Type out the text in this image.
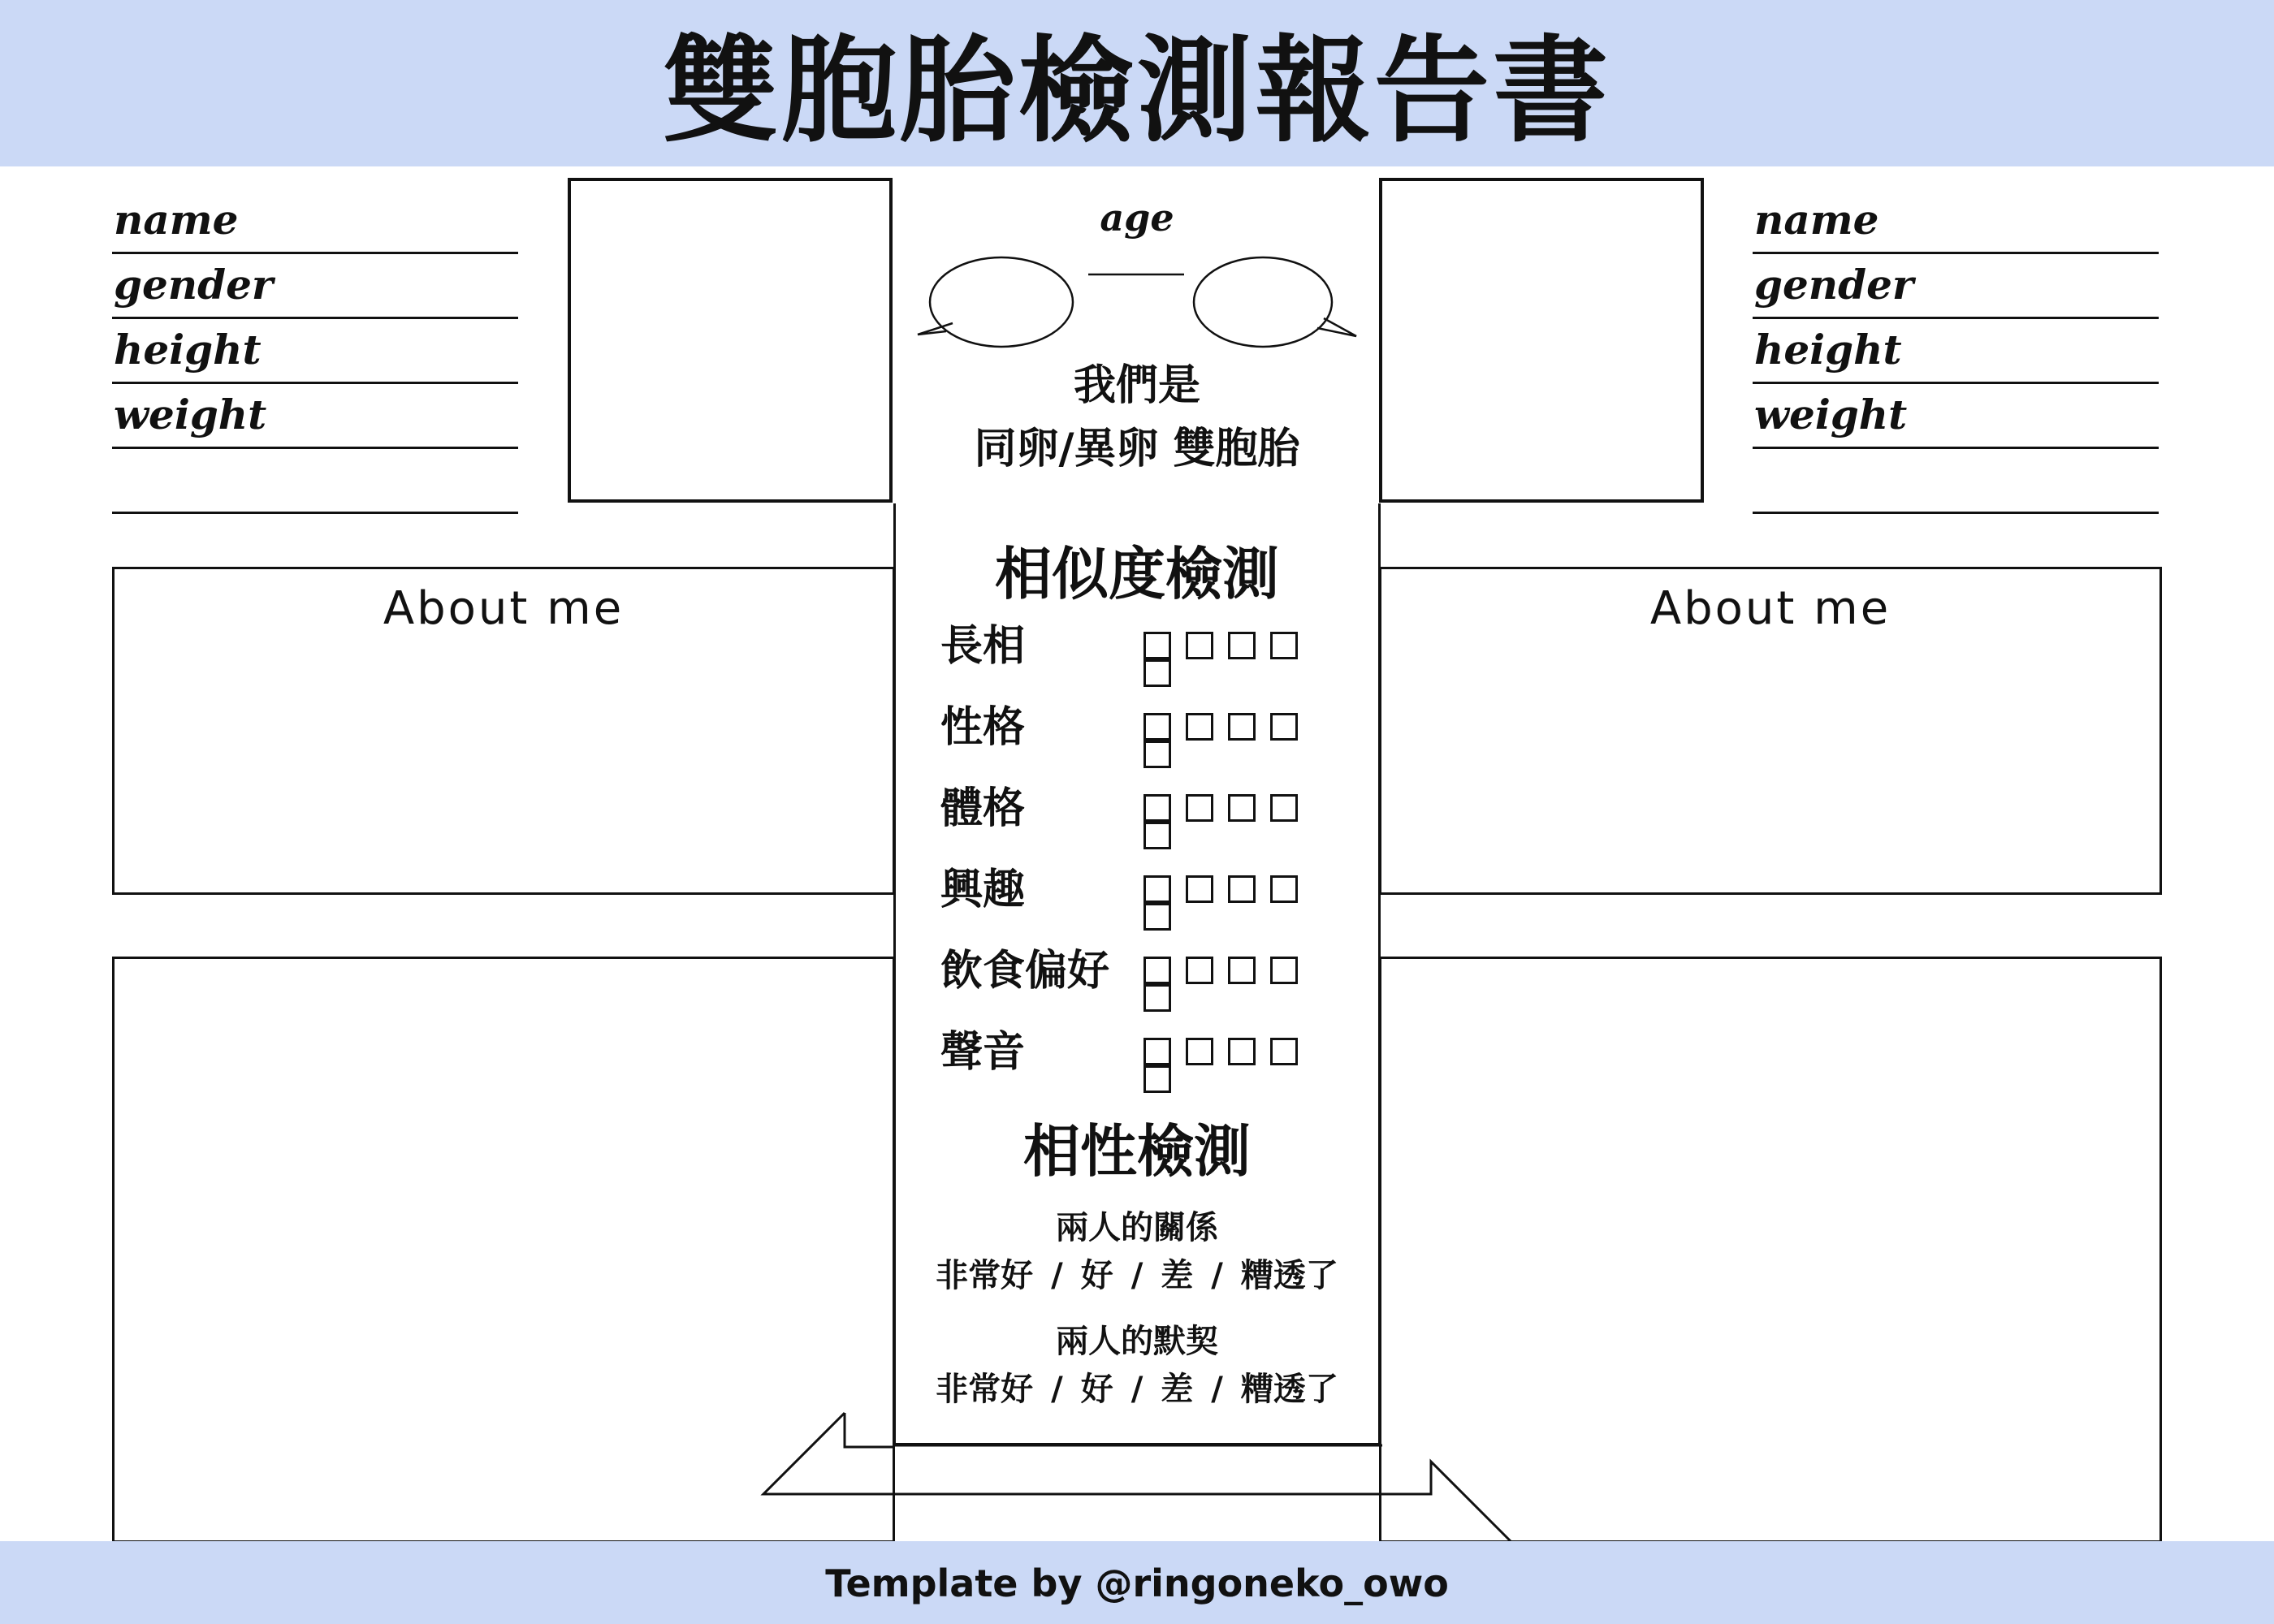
雙胞胎檢測報告書
name
gender
height
weight
name
gender
height
weight
age
我們是
同卵/異卵 雙胞胎
About me	About me
相似度檢測
長相
性格
體格
興趣
飲食偏好
聲音
相性檢測
兩人的關係
非常好 / 好 / 差 / 糟透了
兩人的默契
非常好 / 好 / 差 / 糟透了
Template by @ringoneko_owo
